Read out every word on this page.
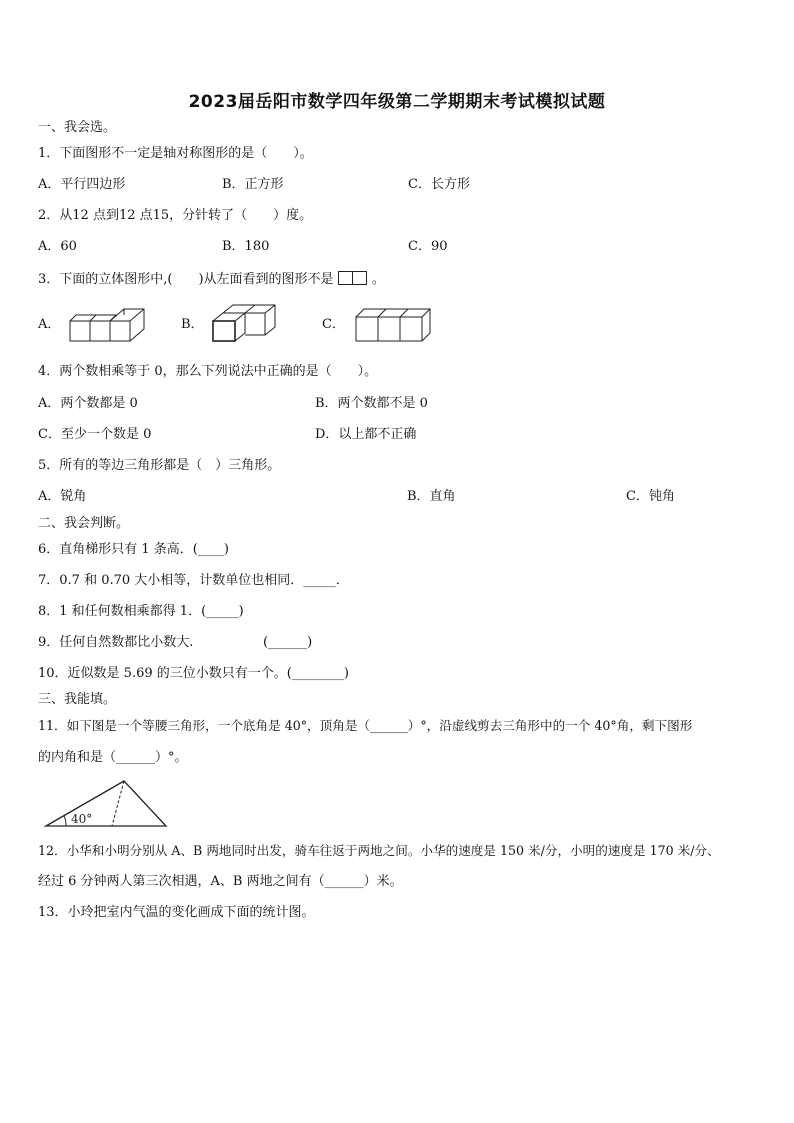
2023届岳阳市数学四年级第二学期期末考试模拟试题
一、我会选。
1．下面图形不一定是轴对称图形的是（　　）。
A．平行四边形	B．正方形	C．长方形
2．从12 点到12 点15，分针转了（　　）度。
A．60	B．180	C．90
3．下面的立体图形中,(　　)从左面看到的图形不是	。
A．	B．	C．
4．两个数相乘等于 0，那么下列说法中正确的是（　　）。
A．两个数都是 0	B．两个数都不是 0
C．至少一个数是 0	D．以上都不正确
5．所有的等边三角形都是（　）三角形。
A．锐角	B．直角	C．钝角
二、我会判断。
6．直角梯形只有 1 条高．(____)
7．0.7 和 0.70 大小相等，计数单位也相同．_____．
8．1 和任何数相乘都得 1．(_____)
9．任何自然数都比小数大.	(______)
10．近似数是 5.69 的三位小数只有一个。(________)
三、我能填。
11．如下图是一个等腰三角形，一个底角是 40°，顶角是（______）°，沿虚线剪去三角形中的一个 40°角，剩下图形
的内角和是（______）°。
40°
12．小华和小明分别从 A、B 两地同时出发，骑车往返于两地之间。小华的速度是 150 米/分，小明的速度是 170 米/分、
经过 6 分钟两人第三次相遇，A、B 两地之间有（______）米。
13．小玲把室内气温的变化画成下面的统计图。
